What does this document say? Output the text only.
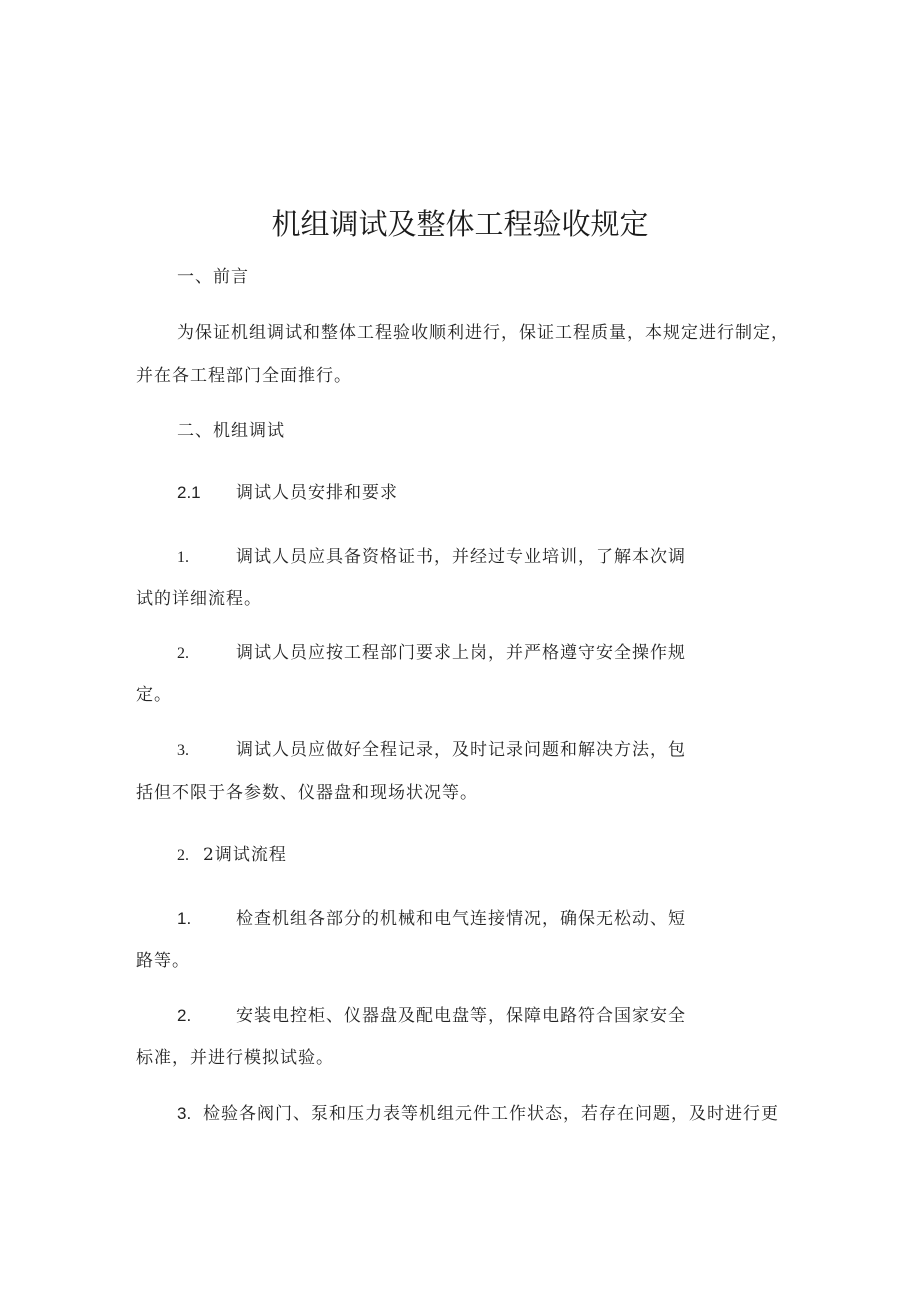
机组调试及整体工程验收规定
一、前言
为保证机组调试和整体工程验收顺利进行，保证工程质量，本规定进行制定，
并在各工程部门全面推行。
二、机组调试
2.1 调试人员安排和要求
1.	调试人员应具备资格证书，并经过专业培训，了解本次调
试的详细流程。
2.	调试人员应按工程部门要求上岗，并严格遵守安全操作规
定。
3.	调试人员应做好全程记录，及时记录问题和解决方法，包
括但不限于各参数、仪器盘和现场状况等。
2. 2调试流程
1.	检查机组各部分的机械和电气连接情况，确保无松动、短
路等。
2.	安装电控柜、仪器盘及配电盘等，保障电路符合国家安全
标准，并进行模拟试验。
3. 检验各阀门、泵和压力表等机组元件工作状态，若存在问题，及时进行更
